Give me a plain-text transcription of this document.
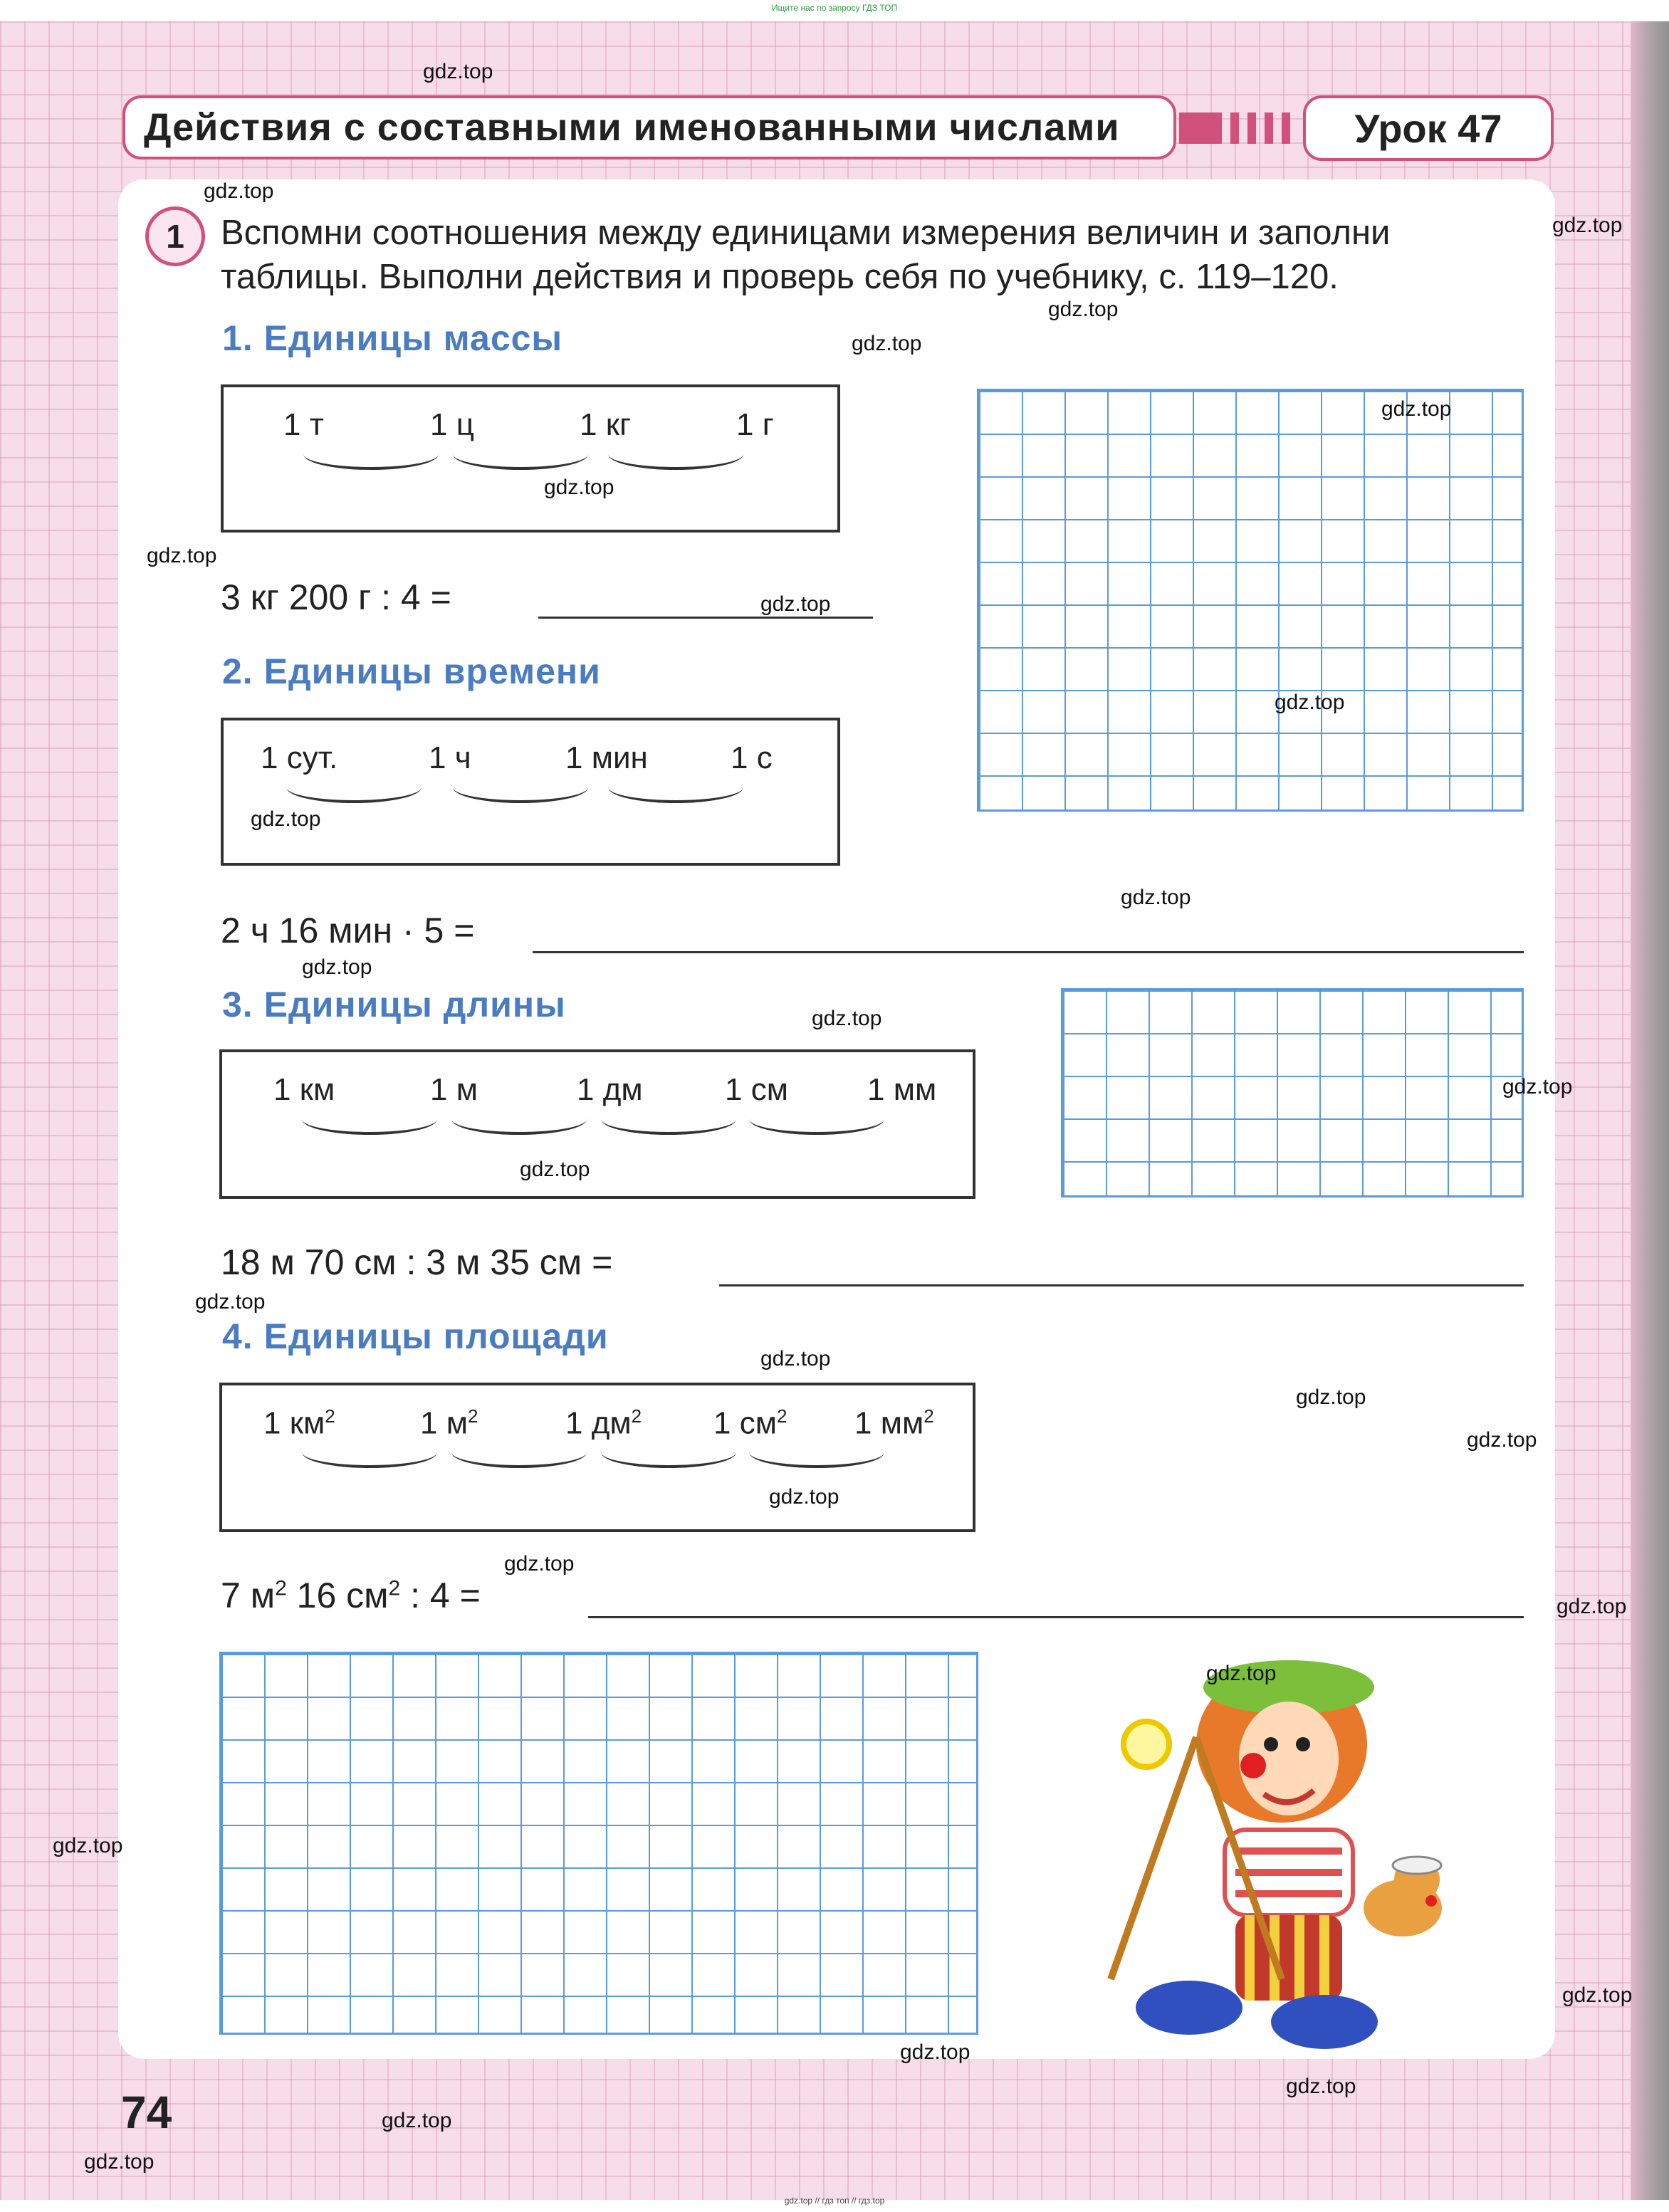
Ищите нас по запросу ГДЗ ТОП
Действия с составными именованными числами	Урок 47
1	Вспомни соотношения между единицами измерения величин и заполни таблицы. Выполни действия и проверь себя по учебнику, с. 119–120.
1. Единицы массы
1 т	1 ц	1 кг	1 г
3 кг 200 г : 4 =
2. Единицы времени
1 сут.	1 ч	1 мин	1 с
2 ч 16 мин · 5 =
3. Единицы длины
1 км	1 м	1 дм	1 см	1 мм
18 м 70 см : 3 м 35 см =
4. Единицы площади
1 $км^2$	1 $м^2$	1 $дм^2$ 1 $см^2$ 1 $мм^2$
7 $м^2$ 16 $см^2$ : 4 =
gdz.top
gdz.top
gdz.top
gdz.top
gdz.top
gdz.top
gdz.top
gdz.top
gdz.top
gdz.top
gdz.top
gdz.top
gdz.top
gdz.top
gdz.top
gdz.top
gdz.top
gdz.top
gdz.top
gdz.top
gdz.top
gdz.top
gdz.top
gdz.top
gdz.top
gdz.top
gdz.top
gdz.top
gdz.top
gdz.top
74
gdz.top // гдз топ // гдз.top
